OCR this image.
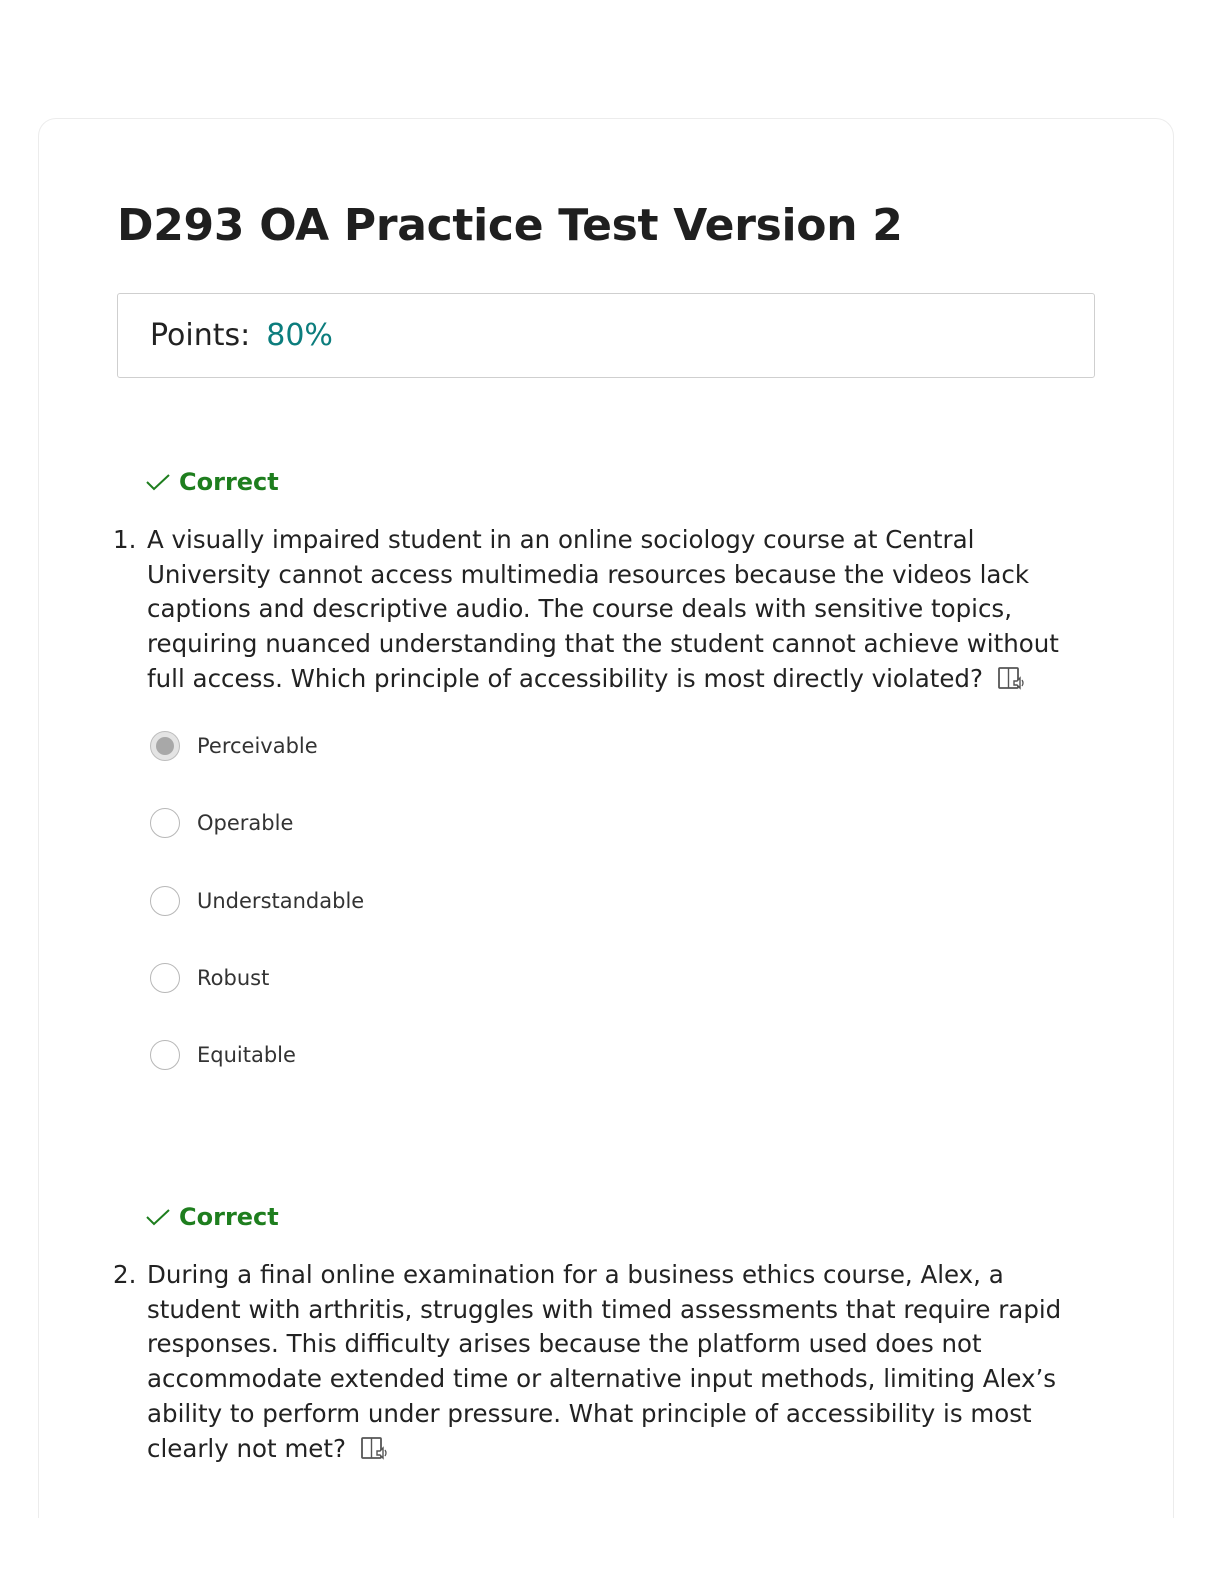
D293 OA Practice Test Version 2
Points: 80%
Correct
1. A visually impaired student in an online sociology course at Central University cannot access multimedia resources because the videos lack captions and descriptive audio. The course deals with sensitive topics, requiring nuanced understanding that the student cannot achieve without full access. Which principle of accessibility is most directly violated?
Perceivable
Operable
Understandable
Robust
Equitable
Correct
2. During a final online examination for a business ethics course, Alex, a student with arthritis, struggles with timed assessments that require rapid responses. This difficulty arises because the platform used does not accommodate extended time or alternative input methods, limiting Alex’s ability to perform under pressure. What principle of accessibility is most clearly not met?
